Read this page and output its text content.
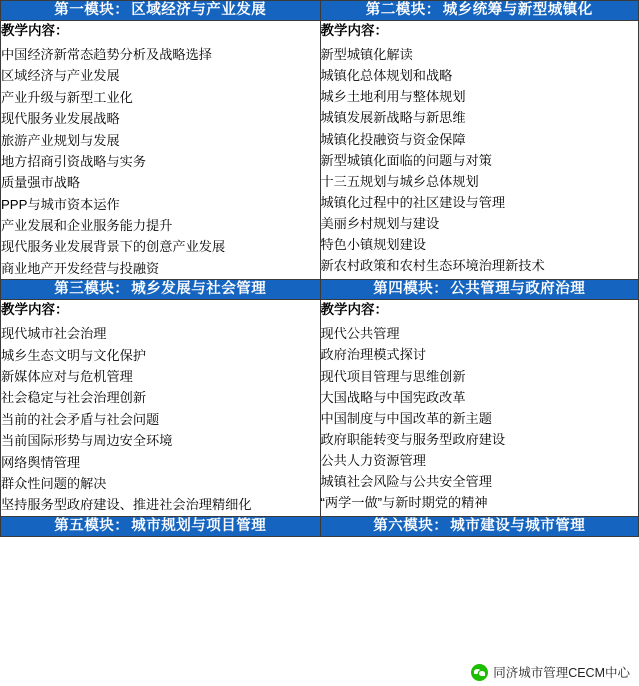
第一模块： 区域经济与产业发展	第二模块： 城乡统筹与新型城镇化

教学内容：
中国经济新常态趋势分析及战略选择
区域经济与产业发展
产业升级与新型工业化
现代服务业发展战略
旅游产业规划与发展
地方招商引资战略与实务
质量强市战略
PPP与城市资本运作
产业发展和企业服务能力提升
现代服务业发展背景下的创意产业发展
商业地产开发经营与投融资

教学内容：
新型城镇化解读
城镇化总体规划和战略
城乡土地利用与整体规划
城镇发展新战略与新思维
城镇化投融资与资金保障
新型城镇化面临的问题与对策
十三五规划与城乡总体规划
城镇化过程中的社区建设与管理
美丽乡村规划与建设
特色小镇规划建设
新农村政策和农村生态环境治理新技术

第三模块： 城乡发展与社会管理	第四模块： 公共管理与政府治理

教学内容：
现代城市社会治理
城乡生态文明与文化保护
新媒体应对与危机管理
社会稳定与社会治理创新
当前的社会矛盾与社会问题
当前国际形势与周边安全环境
网络舆情管理
群众性问题的解决
坚持服务型政府建设、推进社会治理精细化

教学内容：
现代公共管理
政府治理模式探讨
现代项目管理与思维创新
大国战略与中国宪政改革
中国制度与中国改革的新主题
政府职能转变与服务型政府建设
公共人力资源管理
城镇社会风险与公共安全管理
“两学一做”与新时期党的精神

第五模块： 城市规划与项目管理	第六模块： 城市建设与城市管理
同济城市管理CECM中心
